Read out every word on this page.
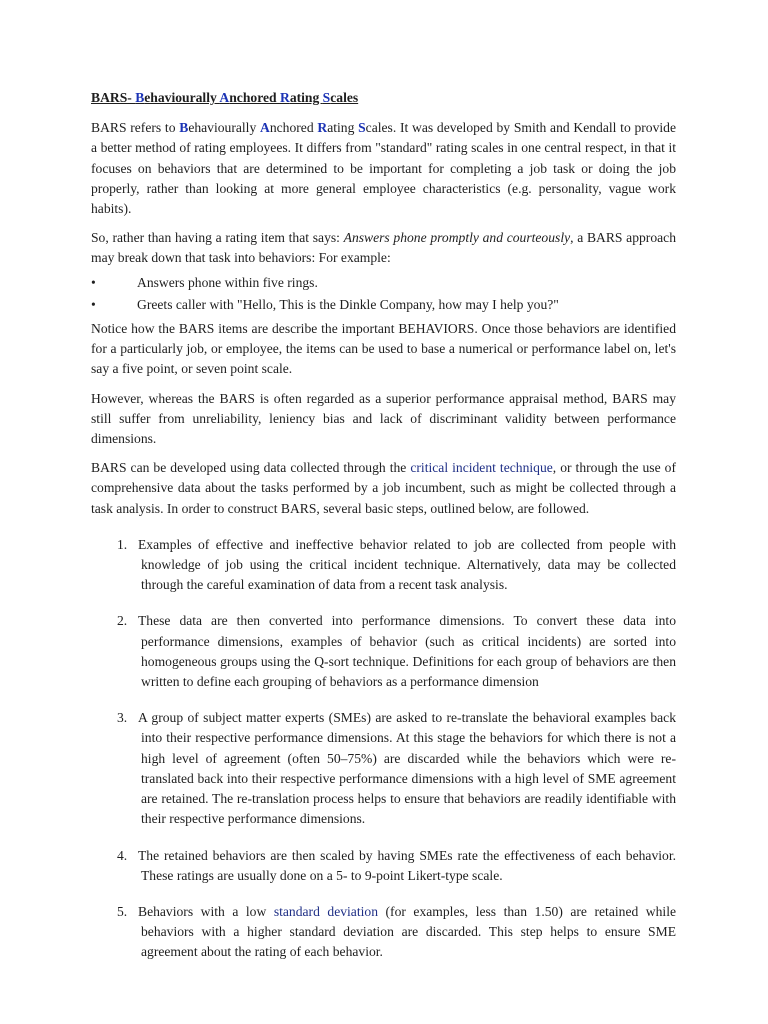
BARS- Behaviourally Anchored Rating Scales

BARS refers to Behaviourally Anchored Rating Scales. It was developed by Smith and Kendall to provide a better method of rating employees. It differs from "standard" rating scales in one central respect, in that it focuses on behaviors that are determined to be important for completing a job task or doing the job properly, rather than looking at more general employee characteristics (e.g. personality, vague work habits).

So, rather than having a rating item that says: Answers phone promptly and courteously, a BARS approach may break down that task into behaviors: For example:

•	Answers phone within five rings.
•	Greets caller with "Hello, This is the Dinkle Company, how may I help you?"

Notice how the BARS items are describe the important BEHAVIORS. Once those behaviors are identified for a particularly job, or employee, the items can be used to base a numerical or performance label on, let's say a five point, or seven point scale.

However, whereas the BARS is often regarded as a superior performance appraisal method, BARS may still suffer from unreliability, leniency bias and lack of discriminant validity between performance dimensions.

BARS can be developed using data collected through the critical incident technique, or through the use of comprehensive data about the tasks performed by a job incumbent, such as might be collected through a task analysis. In order to construct BARS, several basic steps, outlined below, are followed.

1. Examples of effective and ineffective behavior related to job are collected from people with knowledge of job using the critical incident technique. Alternatively, data may be collected through the careful examination of data from a recent task analysis.
2. These data are then converted into performance dimensions. To convert these data into performance dimensions, examples of behavior (such as critical incidents) are sorted into homogeneous groups using the Q-sort technique. Definitions for each group of behaviors are then written to define each grouping of behaviors as a performance dimension
3. A group of subject matter experts (SMEs) are asked to re-translate the behavioral examples back into their respective performance dimensions. At this stage the behaviors for which there is not a high level of agreement (often 50–75%) are discarded while the behaviors which were re-translated back into their respective performance dimensions with a high level of SME agreement are retained. The re-translation process helps to ensure that behaviors are readily identifiable with their respective performance dimensions.
4. The retained behaviors are then scaled by having SMEs rate the effectiveness of each behavior. These ratings are usually done on a 5- to 9-point Likert-type scale.
5. Behaviors with a low standard deviation (for examples, less than 1.50) are retained while behaviors with a higher standard deviation are discarded. This step helps to ensure SME agreement about the rating of each behavior.
